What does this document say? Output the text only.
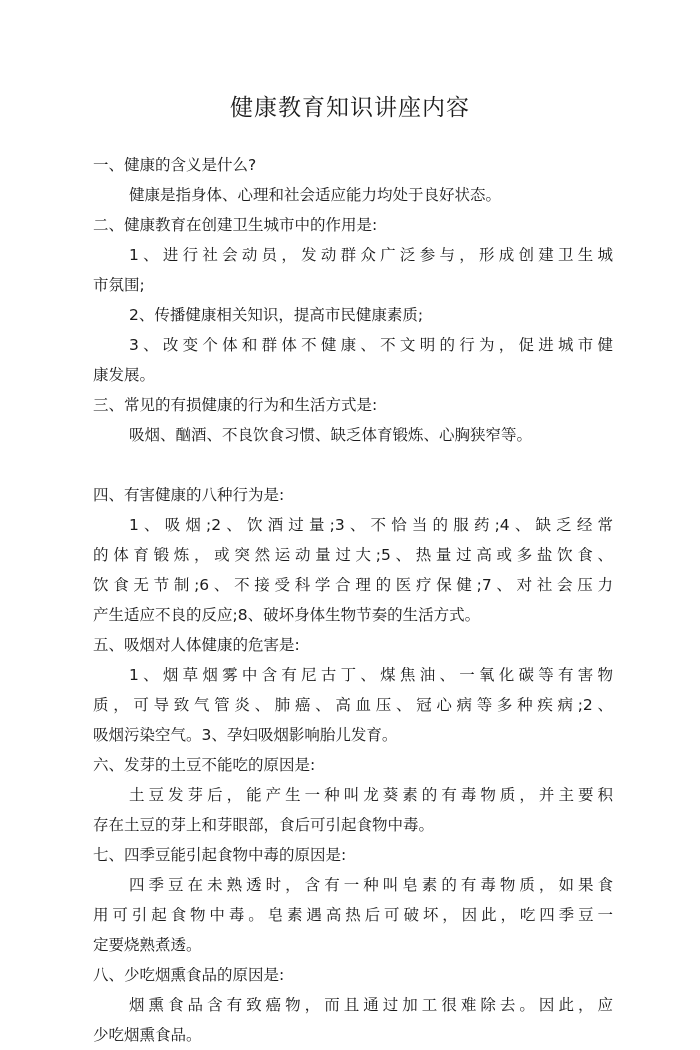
健康教育知识讲座内容
一、健康的含义是什么?
健康是指身体、心理和社会适应能力均处于良好状态。
二、健康教育在创建卫生城市中的作用是:
1、进行社会动员，发动群众广泛参与，形成创建卫生城
市氛围;
2、传播健康相关知识，提高市民健康素质;
3、改变个体和群体不健康、不文明的行为，促进城市健
康发展。
三、常见的有损健康的行为和生活方式是:
吸烟、酗酒、不良饮食习惯、缺乏体育锻炼、心胸狭窄等。
四、有害健康的八种行为是:
1、吸烟;2、饮酒过量;3、不恰当的服药;4、缺乏经常
的体育锻炼，或突然运动量过大;5、热量过高或多盐饮食、
饮食无节制;6、不接受科学合理的医疗保健;7、对社会压力
产生适应不良的反应;8、破坏身体生物节奏的生活方式。
五、吸烟对人体健康的危害是:
1、烟草烟雾中含有尼古丁、煤焦油、一氧化碳等有害物
质，可导致气管炎、肺癌、高血压、冠心病等多种疾病;2、
吸烟污染空气。3、孕妇吸烟影响胎儿发育。
六、发芽的土豆不能吃的原因是:
土豆发芽后，能产生一种叫龙葵素的有毒物质，并主要积
存在土豆的芽上和芽眼部，食后可引起食物中毒。
七、四季豆能引起食物中毒的原因是:
四季豆在未熟透时，含有一种叫皂素的有毒物质，如果食
用可引起食物中毒。皂素遇高热后可破坏，因此，吃四季豆一
定要烧熟煮透。
八、少吃烟熏食品的原因是:
烟熏食品含有致癌物，而且通过加工很难除去。因此，应
少吃烟熏食品。
